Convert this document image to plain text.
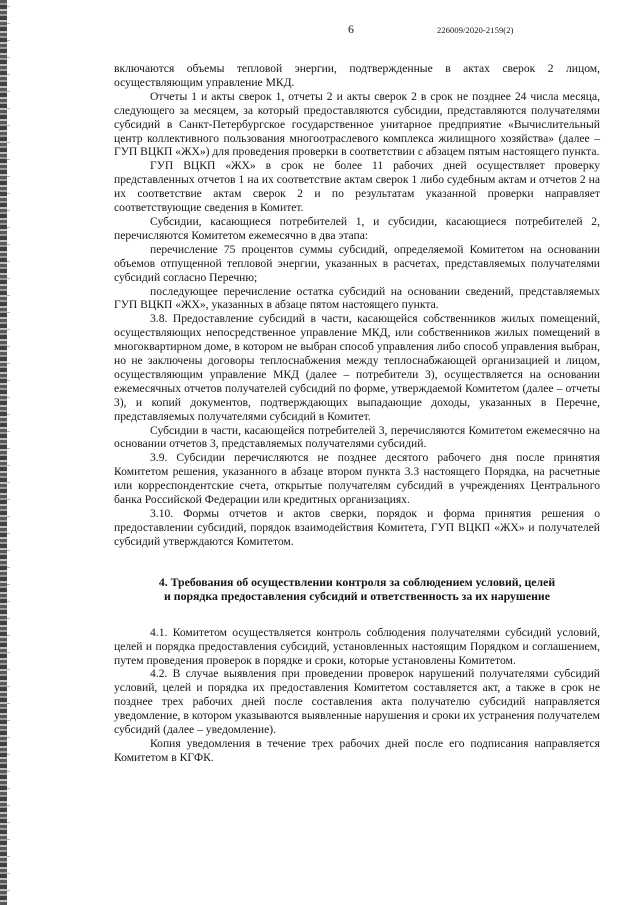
6	226009/2020-2159(2)

включаются объемы тепловой энергии, подтвержденные в актах сверок 2 лицом, осуществляющим управление МКД.

Отчеты 1 и акты сверок 1, отчеты 2 и акты сверок 2 в срок не позднее 24 числа месяца, следующего за месяцем, за который предоставляются субсидии, представляются получателями субсидий в Санкт-Петербургское государственное унитарное предприятие «Вычислительный центр коллективного пользования многоотраслевого комплекса жилищного хозяйства» (далее – ГУП ВЦКП «ЖХ») для проведения проверки в соответствии с абзацем пятым настоящего пункта.

ГУП ВЦКП «ЖХ» в срок не более 11 рабочих дней осуществляет проверку представленных отчетов 1 на их соответствие актам сверок 1 либо судебным актам и отчетов 2 на их соответствие актам сверок 2 и по результатам указанной проверки направляет соответствующие сведения в Комитет.

Субсидии, касающиеся потребителей 1, и субсидии, касающиеся потребителей 2, перечисляются Комитетом ежемесячно в два этапа:

перечисление 75 процентов суммы субсидий, определяемой Комитетом на основании объемов отпущенной тепловой энергии, указанных в расчетах, представляемых получателями субсидий согласно Перечню;

последующее перечисление остатка субсидий на основании сведений, представляемых ГУП ВЦКП «ЖХ», указанных в абзаце пятом настоящего пункта.

3.8. Предоставление субсидий в части, касающейся собственников жилых помещений, осуществляющих непосредственное управление МКД, или собственников жилых помещений в многоквартирном доме, в котором не выбран способ управления либо способ управления выбран, но не заключены договоры теплоснабжения между теплоснабжающей организацией и лицом, осуществляющим управление МКД (далее – потребители 3), осуществляется на основании ежемесячных отчетов получателей субсидий по форме, утверждаемой Комитетом (далее – отчеты 3), и копий документов, подтверждающих выпадающие доходы, указанных в Перечне, представляемых получателями субсидий в Комитет.

Субсидии в части, касающейся потребителей 3, перечисляются Комитетом ежемесячно на основании отчетов 3, представляемых получателями субсидий.

3.9. Субсидии перечисляются не позднее десятого рабочего дня после принятия Комитетом решения, указанного в абзаце втором пункта 3.3 настоящего Порядка, на расчетные или корреспондентские счета, открытые получателям субсидий в учреждениях Центрального банка Российской Федерации или кредитных организациях.

3.10. Формы отчетов и актов сверки, порядок и форма принятия решения о предоставлении субсидий, порядок взаимодействия Комитета, ГУП ВЦКП «ЖХ» и получателей субсидий утверждаются Комитетом.

4. Требования об осуществлении контроля за соблюдением условий, целей
и порядка предоставления субсидий и ответственность за их нарушение

4.1. Комитетом осуществляется контроль соблюдения получателями субсидий условий, целей и порядка предоставления субсидий, установленных настоящим Порядком и соглашением, путем проведения проверок в порядке и сроки, которые установлены Комитетом.

4.2. В случае выявления при проведении проверок нарушений получателями субсидий условий, целей и порядка их предоставления Комитетом составляется акт, а также в срок не позднее трех рабочих дней после составления акта получателю субсидий направляется уведомление, в котором указываются выявленные нарушения и сроки их устранения получателем субсидий (далее – уведомление).

Копия уведомления в течение трех рабочих дней после его подписания направляется Комитетом в КГФК.
